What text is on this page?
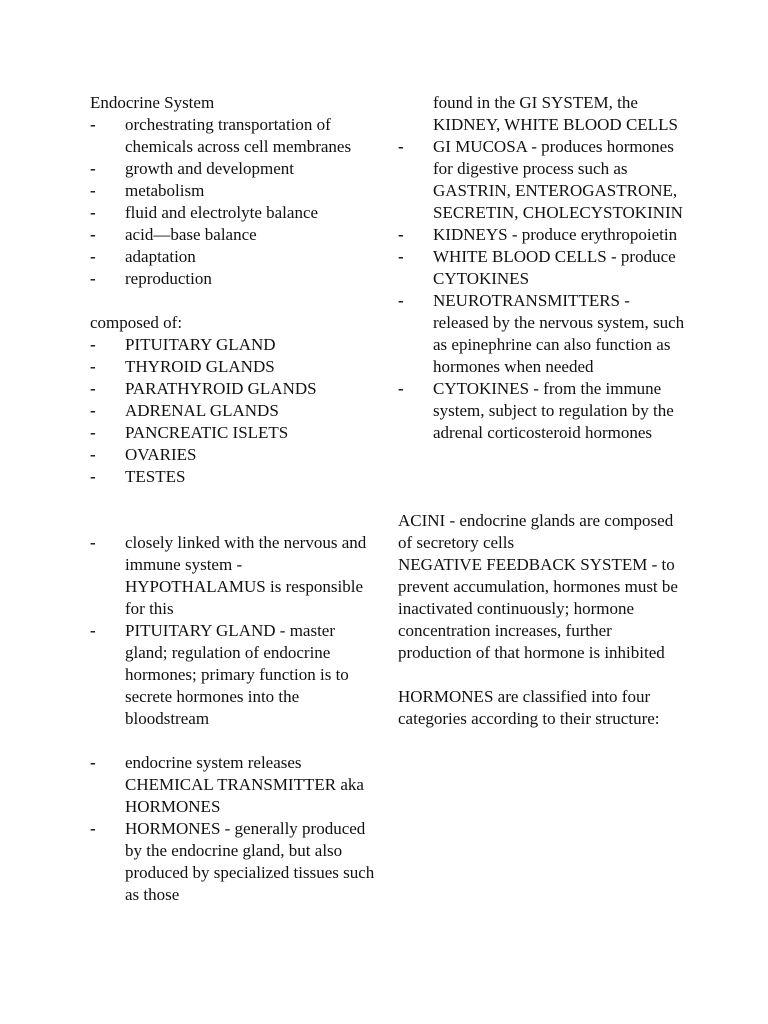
Endocrine System

- orchestrating transportation of chemicals across cell membranes
- growth and development
- metabolism
- fluid and electrolyte balance
- acid—base balance
- adaptation
- reproduction

composed of:

- PITUITARY GLAND
- THYROID GLANDS
- PARATHYROID GLANDS
- ADRENAL GLANDS
- PANCREATIC ISLETS
- OVARIES
- TESTES
- closely linked with the nervous and immune system - HYPOTHALAMUS is responsible for this
- PITUITARY GLAND - master gland; regulation of endocrine hormones; primary function is to secrete hormones into the bloodstream
- endocrine system releases CHEMICAL TRANSMITTER aka HORMONES
- HORMONES - generally produced by the endocrine gland, but also produced by specialized tissues such as those
found in the GI SYSTEM, the KIDNEY, WHITE BLOOD CELLS
- GI MUCOSA - produces hormones for digestive process such as GASTRIN, ENTEROGASTRONE, SECRETIN, CHOLECYSTOKININ
- KIDNEYS - produce erythropoietin
- WHITE BLOOD CELLS - produce CYTOKINES
- NEUROTRANSMITTERS - released by the nervous system, such as epinephrine can also function as hormones when needed
- CYTOKINES - from the immune system, subject to regulation by the adrenal corticosteroid hormones

ACINI - endocrine glands are composed of secretory cells

NEGATIVE FEEDBACK SYSTEM - to prevent accumulation, hormones must be inactivated continuously; hormone concentration increases, further production of that hormone is inhibited

HORMONES are classified into four categories according to their structure:
